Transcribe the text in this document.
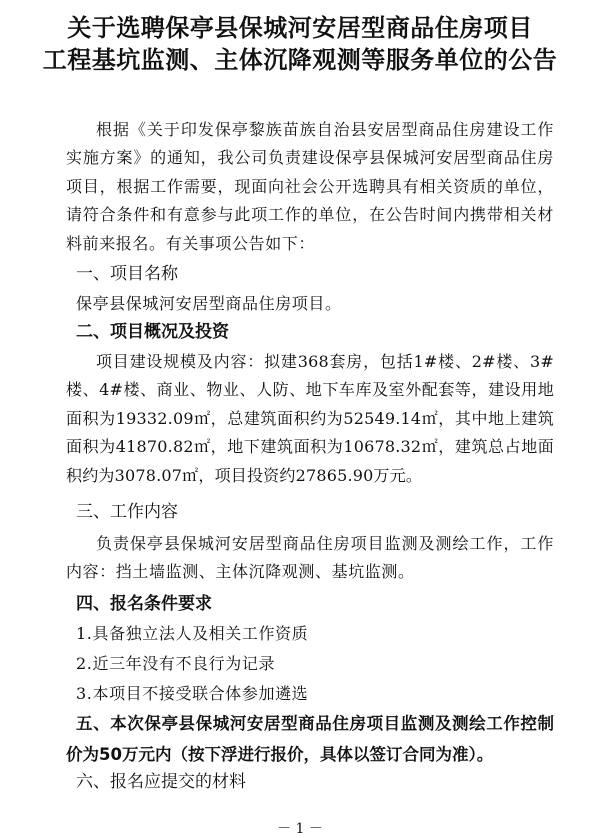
关于选聘保亭县保城河安居型商品住房项目
工程基坑监测、主体沉降观测等服务单位的公告

根据《关于印发保亭黎族苗族自治县安居型商品住房建设工作实施方案》的通知，我公司负责建设保亭县保城河安居型商品住房项目，根据工作需要，现面向社会公开选聘具有相关资质的单位，请符合条件和有意参与此项工作的单位，在公告时间内携带相关材料前来报名。有关事项公告如下：

一、项目名称

保亭县保城河安居型商品住房项目。

二、项目概况及投资

项目建设规模及内容：拟建368套房，包括1#楼、2#楼、3#楼、4#楼、商业、物业、人防、地下车库及室外配套等，建设用地面积为19332.09㎡，总建筑面积约为52549.14㎡，其中地上建筑面积为41870.82㎡，地下建筑面积为10678.32㎡，建筑总占地面积约为3078.07㎡，项目投资约27865.90万元。

三、工作内容

负责保亭县保城河安居型商品住房项目监测及测绘工作，工作内容：挡土墙监测、主体沉降观测、基坑监测。

四、报名条件要求

1.具备独立法人及相关工作资质

2.近三年没有不良行为记录

3.本项目不接受联合体参加遴选

五、本次保亭县保城河安居型商品住房项目监测及测绘工作控制价为50万元内（按下浮进行报价，具体以签订合同为准）。

六、报名应提交的材料

－ 1 －
